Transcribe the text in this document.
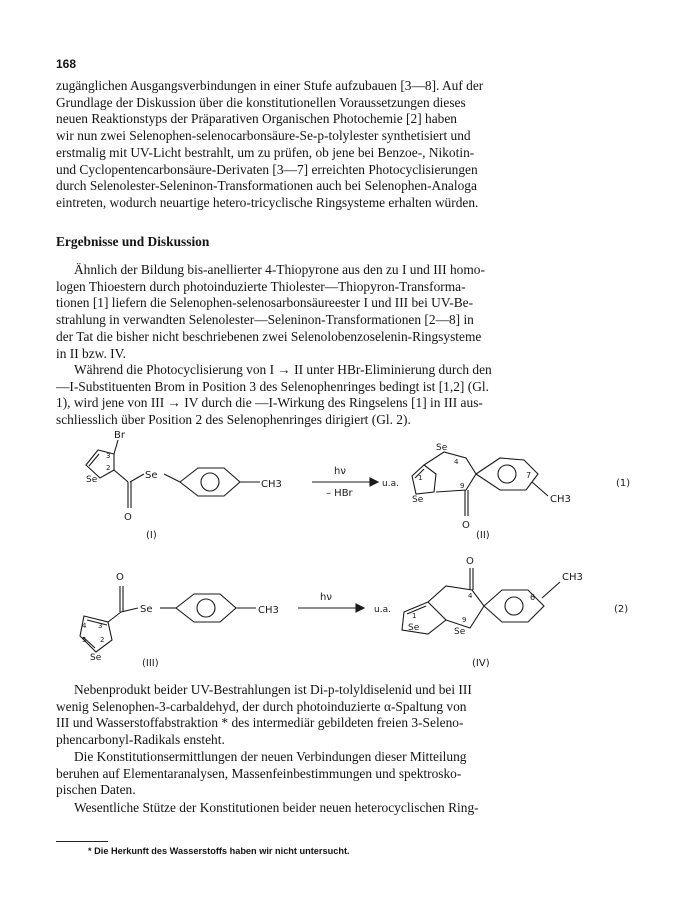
168

zugänglichen Ausgangsverbindungen in einer Stufe aufzubauen [3—8]. Auf der
Grundlage der Diskussion über die konstitutionellen Voraussetzungen dieses
neuen Reaktionstyps der Präparativen Organischen Photochemie [2] haben
wir nun zwei Selenophen-selenocarbonsäure-Se-p-tolylester synthetisiert und
erstmalig mit UV-Licht bestrahlt, um zu prüfen, ob jene bei Benzoe-, Nikotin-
und Cyclopentencarbonsäure-Derivaten [3—7] erreichten Photocyclisierungen
durch Selenolester-Seleninon-Transformationen auch bei Selenophen-Analoga
eintreten, wodurch neuartige hetero-tricyclische Ringsysteme erhalten würden.

Ergebnisse und Diskussion

Ähnlich der Bildung bis-anellierter 4-Thiopyrone aus den zu I und III homo-
logen Thioestern durch photoinduzierte Thiolester—Thiopyron-Transforma-
tionen [1] liefern die Selenophen-selenosarbonsäureester I und III bei UV-Be-
strahlung in verwandten Selenolester—Seleninon-Transformationen [2—8] in
der Tat die bisher nicht beschriebenen zwei Selenolobenzoselenin-Ringsysteme
in II bzw. IV.

Während die Photocyclisierung von I → II unter HBr-Eliminierung durch den
—I-Substituenten Brom in Position 3 des Selenophenringes bedingt ist [1,2] (Gl.
1), wird jene von III → IV durch die —I-Wirkung des Ringselens [1] in III aus-
schliesslich über Position 2 des Selenophenringes dirigiert (Gl. 2).

Br
3
2
Se
O
Se
CH3
hν
– HBr
u.a.
(I)
Se
4
1
Se
9
7
O
CH3
(II)
(1)
O
Se	CH3
4 3
5 2
Se
hν
u.a.
(III)
O
4
CH3
6
1	9
Se	Se
(IV)
(2)

Nebenprodukt beider UV-Bestrahlungen ist Di-p-tolyldiselenid und bei III
wenig Selenophen-3-carbaldehyd, der durch photoinduzierte α-Spaltung von
III und Wasserstoffabstraktion * des intermediär gebildeten freien 3-Seleno-
phencarbonyl-Radikals ensteht.

Die Konstitutionsermittlungen der neuen Verbindungen dieser Mitteilung
beruhen auf Elementaranalysen, Massenfeinbestimmungen und spektrosko-
pischen Daten.

Wesentliche Stütze der Konstitutionen beider neuen heterocyclischen Ring-

* Die Herkunft des Wasserstoffs haben wir nicht untersucht.
